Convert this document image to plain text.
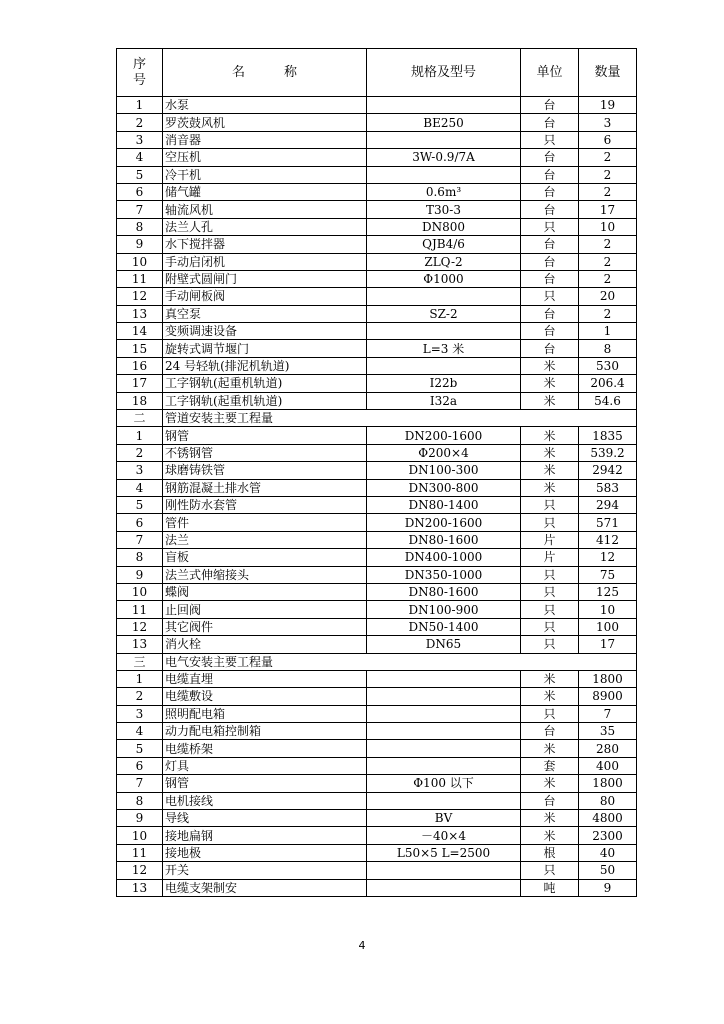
序
号	名　　　称	规格及型号	单位	数量
1	水泵		台	19
2	罗茨鼓风机	BE250	台	3
3	消音器		只	6
4	空压机	3W-0.9/7A	台	2
5	冷干机		台	2
6	储气罐	0.6m³	台	2
7	轴流风机	T30-3	台	17
8	法兰人孔	DN800	只	10
9	水下搅拌器	QJB4/6	台	2
10	手动启闭机	ZLQ-2	台	2
11	附壁式圆闸门	Φ1000	台	2
12	手动闸板阀		只	20
13	真空泵	SZ-2	台	2
14	变频调速设备		台	1
15	旋转式调节堰门	L=3 米	台	8
16	24 号轻轨(排泥机轨道)		米	530
17	工字钢轨(起重机轨道)	I22b	米	206.4
18	工字钢轨(起重机轨道)	I32a	米	54.6
二	管道安装主要工程量			
1	钢管	DN200-1600	米	1835
2	不锈钢管	Φ200×4	米	539.2
3	球磨铸铁管	DN100-300	米	2942
4	钢筋混凝土排水管	DN300-800	米	583
5	刚性防水套管	DN80-1400	只	294
6	管件	DN200-1600	只	571
7	法兰	DN80-1600	片	412
8	盲板	DN400-1000	片	12
9	法兰式伸缩接头	DN350-1000	只	75
10	蝶阀	DN80-1600	只	125
11	止回阀	DN100-900	只	10
12	其它阀件	DN50-1400	只	100
13	消火栓	DN65	只	17
三	电气安装主要工程量			
1	电缆直埋		米	1800
2	电缆敷设		米	8900
3	照明配电箱		只	7
4	动力配电箱控制箱		台	35
5	电缆桥架		米	280
6	灯具		套	400
7	钢管	Φ100 以下	米	1800
8	电机接线		台	80
9	导线	BV	米	4800
10	接地扁钢	－40×4	米	2300
11	接地极	L50×5 L=2500	根	40
12	开关		只	50
13	电缆支架制安		吨	9
4
